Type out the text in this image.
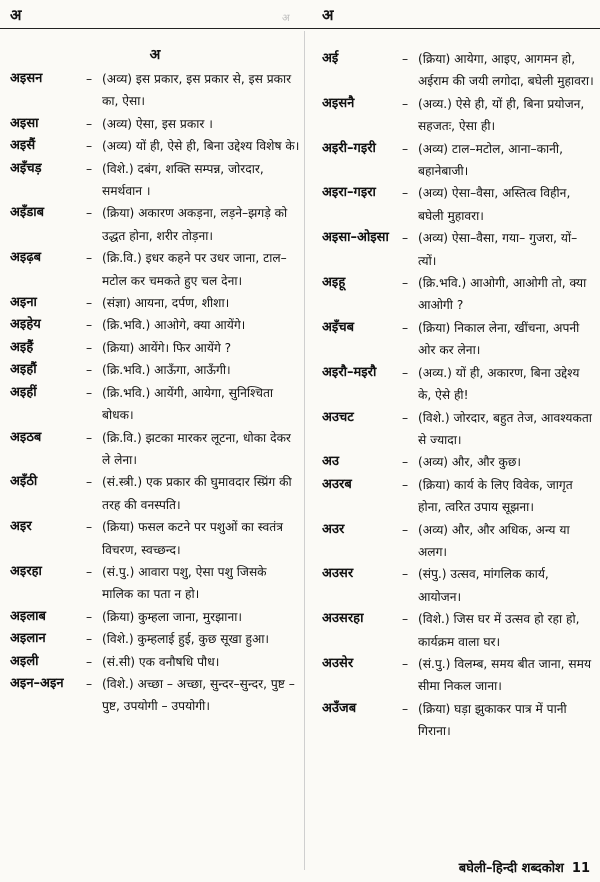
अ	अ अ
अ
अइसन	– (अव्य) इस प्रकार, इस प्रकार से, इस प्रकार का, ऐसा।
अइसा	– (अव्य) ऐसा, इस प्रकार ।
अइसैं	– (अव्य) यों ही, ऐसे ही, बिना उद्देश्य विशेष के।
अइँचड़	– (विशे.) दबंग, शक्ति सम्पन्न, जोरदार, समर्थवान ।
अइँडाब	– (क्रिया) अकारण अकड़ना, लड़ने–झगड़े को उद्धत होना, शरीर तोड़ना।
अइढ़ब	– (क्रि.वि.) इधर कहने पर उधर जाना, टाल–मटोल कर चमकते हुए चल देना।
अइना	– (संज्ञा) आयना, दर्पण, शीशा।
अइहेय	– (क्रि.भवि.) आओगे, क्या आयेंगे।
अइहैं	– (क्रिया) आयेंगे। फिर आयेंगे ?
अइहौं	– (क्रि.भवि.) आऊँगा, आऊँगी।
अइहीं	– (क्रि.भवि.) आयेंगी, आयेगा, सुनिश्चिता बोधक।
अइठब	– (क्रि.वि.) झटका मारकर लूटना, धोका देकर ले लेना।
अइँठी	– (सं.स्त्री.) एक प्रकार की घुमावदार स्प्रिंग की तरह की वनस्पति।
अइर	– (क्रिया) फसल कटने पर पशुओं का स्वतंत्र विचरण, स्वच्छन्द।
अइरहा	– (सं.पु.) आवारा पशु, ऐसा पशु जिसके मालिक का पता न हो।
अइलाब	– (क्रिया) कुम्हला जाना, मुरझाना।
अइलान	– (विशे.) कुम्हलाई हुई, कुछ सूखा हुआ।
अइली	– (सं.सी) एक वनौषधि पौध।
अइन–अइन	– (विशे.) अच्छा – अच्छा, सुन्दर–सुन्दर, पुष्ट – पुष्ट, उपयोगी – उपयोगी।
अई	– (क्रिया) आयेगा, आइए, आगमन हो, अईराम की जयी लगोदा, बघेली मुहावरा।
अइसनै	– (अव्य.) ऐसे ही, यों ही, बिना प्रयोजन, सहजतः, ऐसा ही।
अइरी–गइरी	– (अव्य) टाल–मटोल, आना–कानी, बहानेबाजी।
अइरा–गइरा	– (अव्य) ऐसा–वैसा, अस्तित्व विहीन, बघेली मुहावरा।
अइसा–ओइसा	– (अव्य) ऐसा–वैसा, गया– गुजरा, यों–त्यों।
अइहू	– (क्रि.भवि.) आओगी, आओगी तो, क्या आओगी ?
अइँचब	– (क्रिया) निकाल लेना, खींचना, अपनी ओर कर लेना।
अइरौ–मइरौ	– (अव्य.) यों ही, अकारण, बिना उद्देश्य के, ऐसे ही!
अउचट	– (विशे.) जोरदार, बहुत तेज, आवश्यकता से ज्यादा।
अउ	– (अव्य) और, और कुछ।
अउरब	– (क्रिया) कार्य के लिए विवेक, जागृत होना, त्वरित उपाय सूझना।
अउर	– (अव्य) और, और अधिक, अन्य या अलग।
अउसर	– (संपु.) उत्सव, मांगलिक कार्य, आयोजन।
अउसरहा	– (विशे.) जिस घर में उत्सव हो रहा हो, कार्यक्रम वाला घर।
अउसेर	– (सं.पु.) विलम्ब, समय बीत जाना, समय सीमा निकल जाना।
अउँजब	– (क्रिया) घड़ा झुकाकर पात्र में पानी गिराना।
बघेली–हिन्दी शब्दकोश 11
